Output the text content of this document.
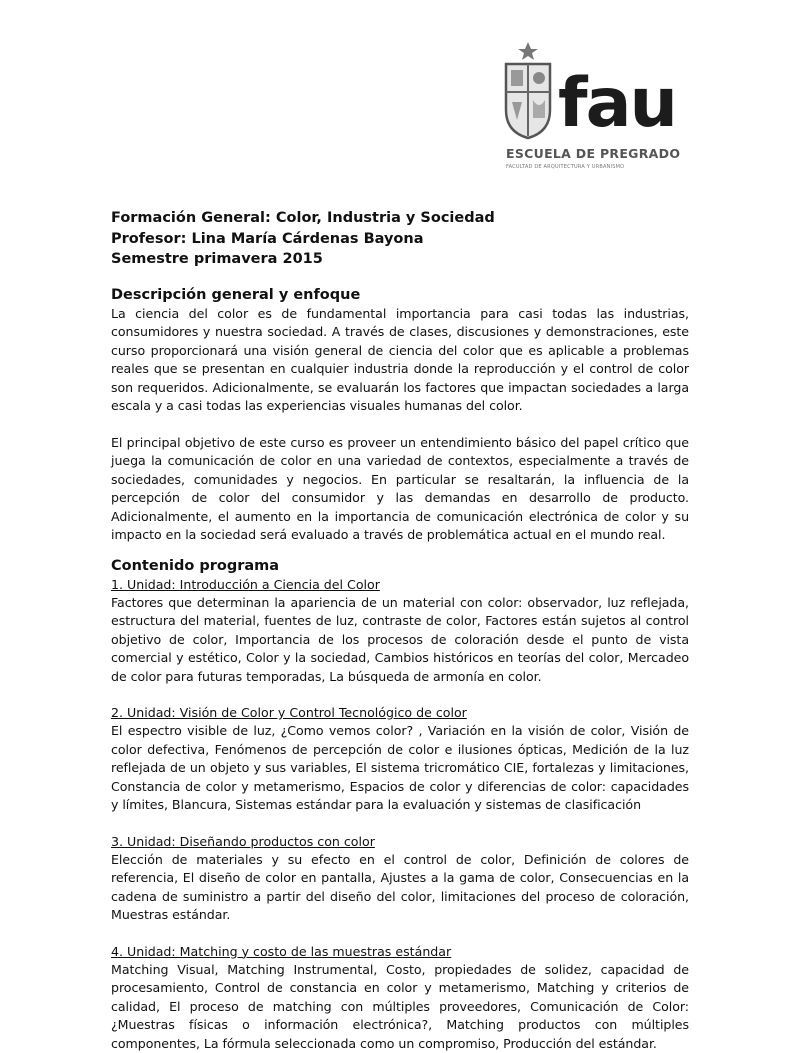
fau
ESCUELA DE PREGRADO
FACULTAD DE ARQUITECTURA Y URBANISMO
Formación General: Color, Industria y Sociedad
Profesor: Lina María Cárdenas Bayona
Semestre primavera 2015
Descripción general y enfoque

La ciencia del color es de fundamental importancia para casi todas las industrias, consumidores y nuestra sociedad. A través de clases, discusiones y demonstraciones, este curso proporcionará una visión general de ciencia del color que es aplicable a problemas reales que se presentan en cualquier industria donde la reproducción y el control de color son requeridos. Adicionalmente, se evaluarán los factores que impactan sociedades a larga escala y a casi todas las experiencias visuales humanas del color.

El principal objetivo de este curso es proveer un entendimiento básico del papel crítico que juega la comunicación de color en una variedad de contextos, especialmente a través de sociedades, comunidades y negocios. En particular se resaltarán, la influencia de la percepción de color del consumidor y las demandas en desarrollo de producto. Adicionalmente, el aumento en la importancia de comunicación electrónica de color y su impacto en la sociedad será evaluado a través de problemática actual en el mundo real.

Contenido programa
1. Unidad: Introducción a Ciencia del Color

Factores que determinan la apariencia de un material con color: observador, luz reflejada, estructura del material, fuentes de luz, contraste de color, Factores están sujetos al control objetivo de color, Importancia de los procesos de coloración desde el punto de vista comercial y estético, Color y la sociedad, Cambios históricos en teorías del color, Mercadeo de color para futuras temporadas, La búsqueda de armonía en color.

2. Unidad: Visión de Color y Control Tecnológico de color

El espectro visible de luz, ¿Como vemos color? , Variación en la visión de color, Visión de color defectiva, Fenómenos de percepción de color e ilusiones ópticas, Medición de la luz reflejada de un objeto y sus variables, El sistema tricromático CIE, fortalezas y limitaciones, Constancia de color y metamerismo, Espacios de color y diferencias de color: capacidades y límites, Blancura, Sistemas estándar para la evaluación y sistemas de clasificación

3. Unidad: Diseñando productos con color

Elección de materiales y su efecto en el control de color, Definición de colores de referencia, El diseño de color en pantalla, Ajustes a la gama de color, Consecuencias en la cadena de suministro a partir del diseño del color, limitaciones del proceso de coloración, Muestras estándar.

4. Unidad: Matching y costo de las muestras estándar

Matching Visual, Matching Instrumental, Costo, propiedades de solidez, capacidad de procesamiento, Control de constancia en color y metamerismo, Matching y criterios de calidad, El proceso de matching con múltiples proveedores, Comunicación de Color: ¿Muestras físicas o información electrónica?, Matching productos con múltiples componentes, La fórmula seleccionada como un compromiso, Producción del estándar.
